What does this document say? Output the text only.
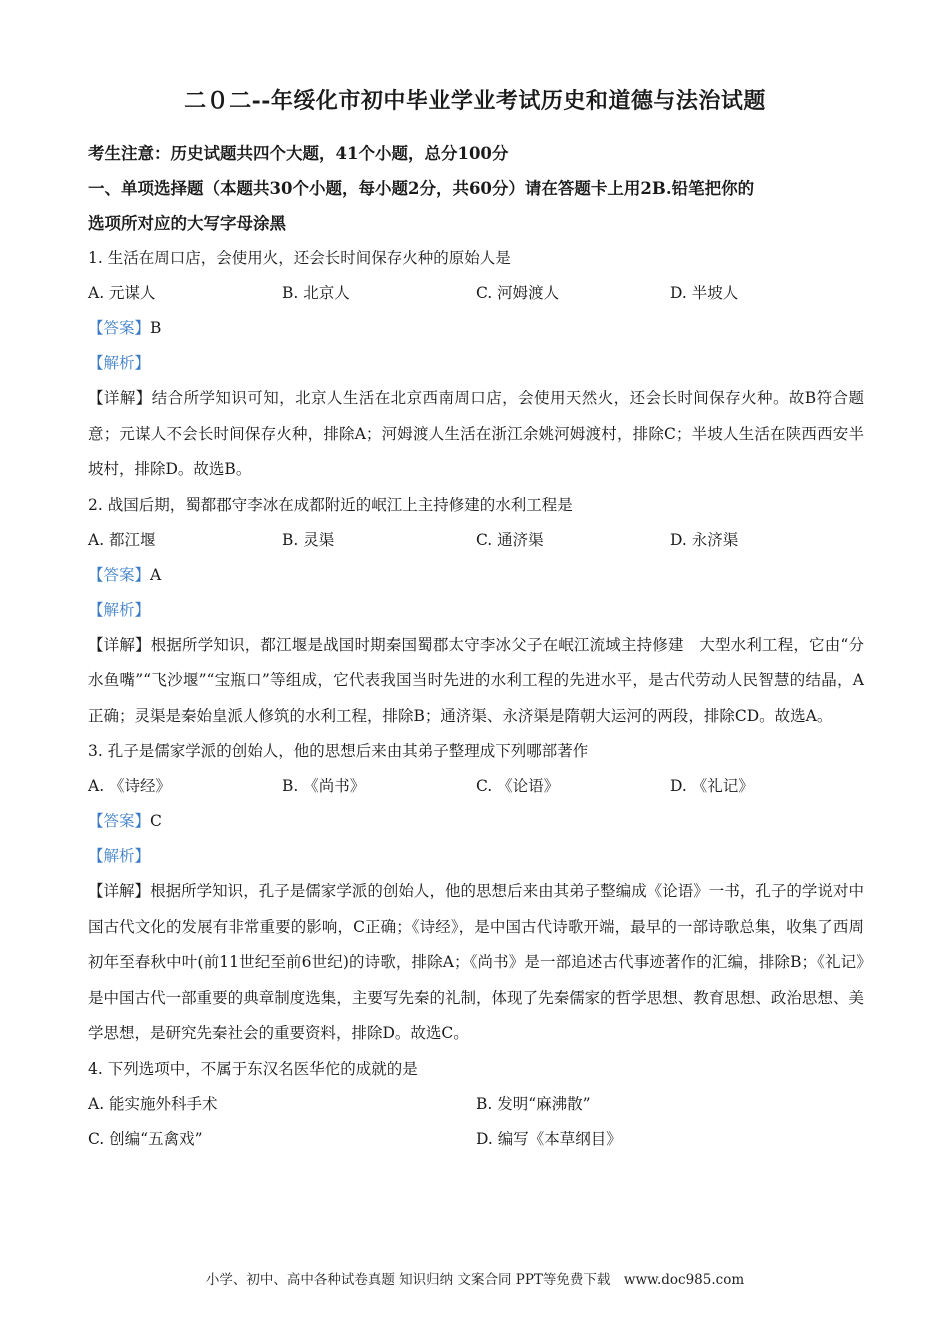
二０二--年绥化市初中毕业学业考试历史和道德与法治试题
考生注意：历史试题共四个大题，41个小题，总分100分
一、单项选择题（本题共30个小题，每小题2分，共60分）请在答题卡上用2B.铅笔把你的
选项所对应的大写字母涂黑
1. 生活在周口店，会使用火，还会长时间保存火种的原始人是
A. 元谋人	B. 北京人	C. 河姆渡人	D. 半坡人
【答案】B
【解析】
【详解】结合所学知识可知，北京人生活在北京西南周口店，会使用天然火，还会长时间保存火种。故B符合题意；元谋人不会长时间保存火种，排除A；河姆渡人生活在浙江余姚河姆渡村，排除C；半坡人生活在陕西西安半坡村，排除D。故选B。
2. 战国后期，蜀都郡守李冰在成都附近的岷江上主持修建的水利工程是
A. 都江堰	B. 灵渠	C. 通济渠	D. 永济渠
【答案】A
【解析】
【详解】根据所学知识，都江堰是战国时期秦国蜀郡太守李冰父子在岷江流域主持修建　大型水利工程，它由“分水鱼嘴”“飞沙堰”“宝瓶口”等组成，它代表我国当时先进的水利工程的先进水平，是古代劳动人民智慧的结晶，A正确；灵渠是秦始皇派人修筑的水利工程，排除B；通济渠、永济渠是隋朝大运河的两段，排除CD。故选A。
3. 孔子是儒家学派的创始人，他的思想后来由其弟子整理成下列哪部著作
A. 《诗经》	B. 《尚书》	C. 《论语》	D. 《礼记》
【答案】C
【解析】
【详解】根据所学知识，孔子是儒家学派的创始人，他的思想后来由其弟子整编成《论语》一书，孔子的学说对中国古代文化的发展有非常重要的影响，C正确；《诗经》，是中国古代诗歌开端，最早的一部诗歌总集，收集了西周初年至春秋中叶(前11世纪至前6世纪)的诗歌，排除A；《尚书》是一部追述古代事迹著作的汇编，排除B；《礼记》是中国古代一部重要的典章制度选集，主要写先秦的礼制，体现了先秦儒家的哲学思想、教育思想、政治思想、美学思想，是研究先秦社会的重要资料，排除D。故选C。
4. 下列选项中，不属于东汉名医华佗的成就的是
A. 能实施外科手术	B. 发明“麻沸散”
C. 创编“五禽戏”	D. 编写《本草纲目》
小学、初中、高中各种试卷真题 知识归纳 文案合同 PPT等免费下载　www.doc985.com
